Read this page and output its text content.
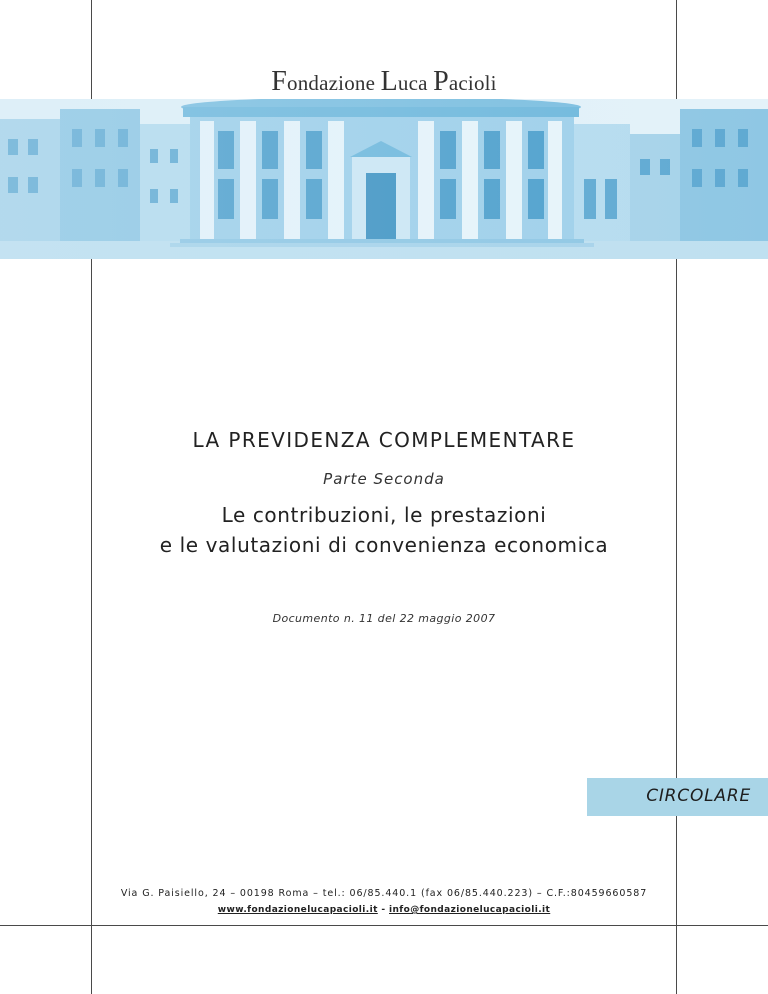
Fondazione Luca Pacioli
LA PREVIDENZA COMPLEMENTARE
Parte Seconda
Le contribuzioni, le prestazioni
e le valutazioni di convenienza economica
Documento n. 11 del 22 maggio 2007
CIRCOLARE
Via G. Paisiello, 24 – 00198 Roma – tel.: 06/85.440.1 (fax 06/85.440.223) – C.F.:80459660587
www.fondazionelucapacioli.it - info@fondazionelucapacioli.it
